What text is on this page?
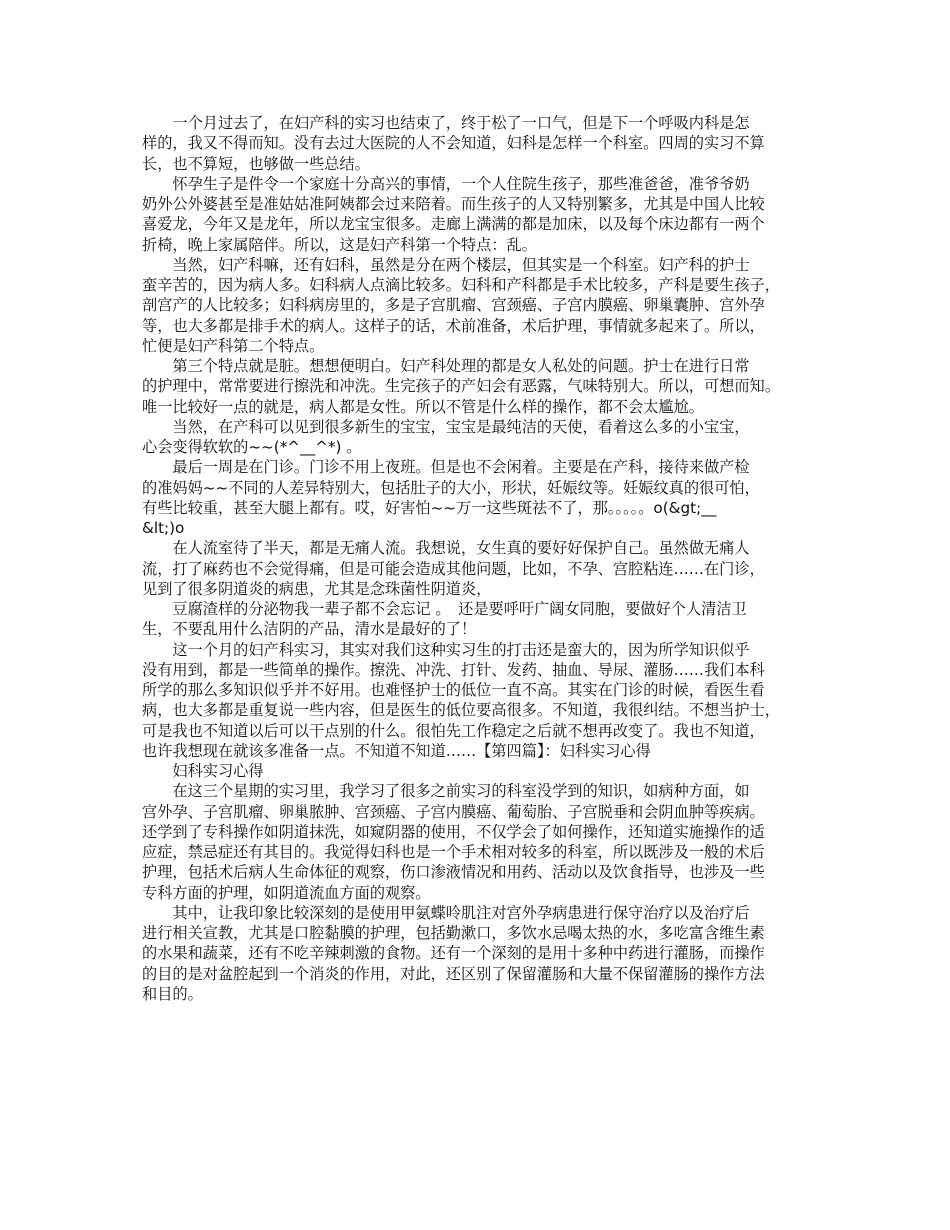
　　一个月过去了，在妇产科的实习也结束了，终于松了一口气，但是下一个呼吸内科是怎
样的，我又不得而知。没有去过大医院的人不会知道，妇科是怎样一个科室。四周的实习不算
长，也不算短，也够做一些总结。
　　怀孕生子是件令一个家庭十分高兴的事情，一个人住院生孩子，那些准爸爸，准爷爷奶
奶外公外婆甚至是准姑姑准阿姨都会过来陪着。而生孩子的人又特别繁多，尤其是中国人比较
喜爱龙，今年又是龙年，所以龙宝宝很多。走廊上满满的都是加床，以及每个床边都有一两个
折椅，晚上家属陪伴。所以，这是妇产科第一个特点：乱。
　　当然，妇产科嘛，还有妇科，虽然是分在两个楼层，但其实是一个科室。妇产科的护士
蛮辛苦的，因为病人多。妇科病人点滴比较多。妇科和产科都是手术比较多，产科是要生孩子，
剖宫产的人比较多；妇科病房里的，多是子宫肌瘤、宫颈癌、子宫内膜癌、卵巢囊肿、宫外孕
等，也大多都是排手术的病人。这样子的话，术前准备，术后护理，事情就多起来了。所以，
忙便是妇产科第二个特点。
　　第三个特点就是脏。想想便明白。妇产科处理的都是女人私处的问题。护士在进行日常
的护理中，常常要进行擦洗和冲洗。生完孩子的产妇会有恶露，气味特别大。所以，可想而知。
唯一比较好一点的就是，病人都是女性。所以不管是什么样的操作，都不会太尴尬。
　　当然，在产科可以见到很多新生的宝宝，宝宝是最纯洁的天使，看着这么多的小宝宝，
心会变得软软的~~(*^__^*) 。
　　最后一周是在门诊。门诊不用上夜班。但是也不会闲着。主要是在产科，接待来做产检
的准妈妈~~不同的人差异特别大，包括肚子的大小，形状，妊娠纹等。妊娠纹真的很可怕，
有些比较重，甚至大腿上都有。哎，好害怕~~万一这些斑祛不了，那。。。。。o(&gt;__
&lt;)o
　　在人流室待了半天，都是无痛人流。我想说，女生真的要好好保护自己。虽然做无痛人
流，打了麻药也不会觉得痛，但是可能会造成其他问题，比如，不孕、宫腔粘连……在门诊，
见到了很多阴道炎的病患，尤其是念珠菌性阴道炎，
　　豆腐渣样的分泌物我一辈子都不会忘记 。　还是要呼吁广阔女同胞，要做好个人清洁卫
生，不要乱用什么洁阴的产品，清水是最好的了！
　　这一个月的妇产科实习，其实对我们这种实习生的打击还是蛮大的，因为所学知识似乎
没有用到，都是一些简单的操作。擦洗、冲洗、打针、发药、抽血、导尿、灌肠……我们本科
所学的那么多知识似乎并不好用。也难怪护士的低位一直不高。其实在门诊的时候，看医生看
病，也大多都是重复说一些内容，但是医生的低位要高很多。不知道，我很纠结。不想当护士，
可是我也不知道以后可以干点别的什么。很怕先工作稳定之后就不想再改变了。我也不知道，
也许我想现在就该多准备一点。不知道不知道……【第四篇】：妇科实习心得
　　妇科实习心得
　　在这三个星期的实习里，我学习了很多之前实习的科室没学到的知识，如病种方面，如
宫外孕、子宫肌瘤、卵巢脓肿、宫颈癌、子宫内膜癌、葡萄胎、子宫脱垂和会阴血肿等疾病。
还学到了专科操作如阴道抹洗，如窥阴器的使用，不仅学会了如何操作，还知道实施操作的适
应症，禁忌症还有其目的。我觉得妇科也是一个手术相对较多的科室，所以既涉及一般的术后
护理，包括术后病人生命体征的观察，伤口渗液情况和用药、活动以及饮食指导，也涉及一些
专科方面的护理，如阴道流血方面的观察。
　　其中，让我印象比较深刻的是使用甲氨蝶呤肌注对宫外孕病患进行保守治疗以及治疗后
进行相关宣教，尤其是口腔黏膜的护理，包括勤漱口，多饮水忌喝太热的水，多吃富含维生素
的水果和蔬菜，还有不吃辛辣刺激的食物。还有一个深刻的是用十多种中药进行灌肠，而操作
的目的是对盆腔起到一个消炎的作用，对此，还区别了保留灌肠和大量不保留灌肠的操作方法
和目的。
